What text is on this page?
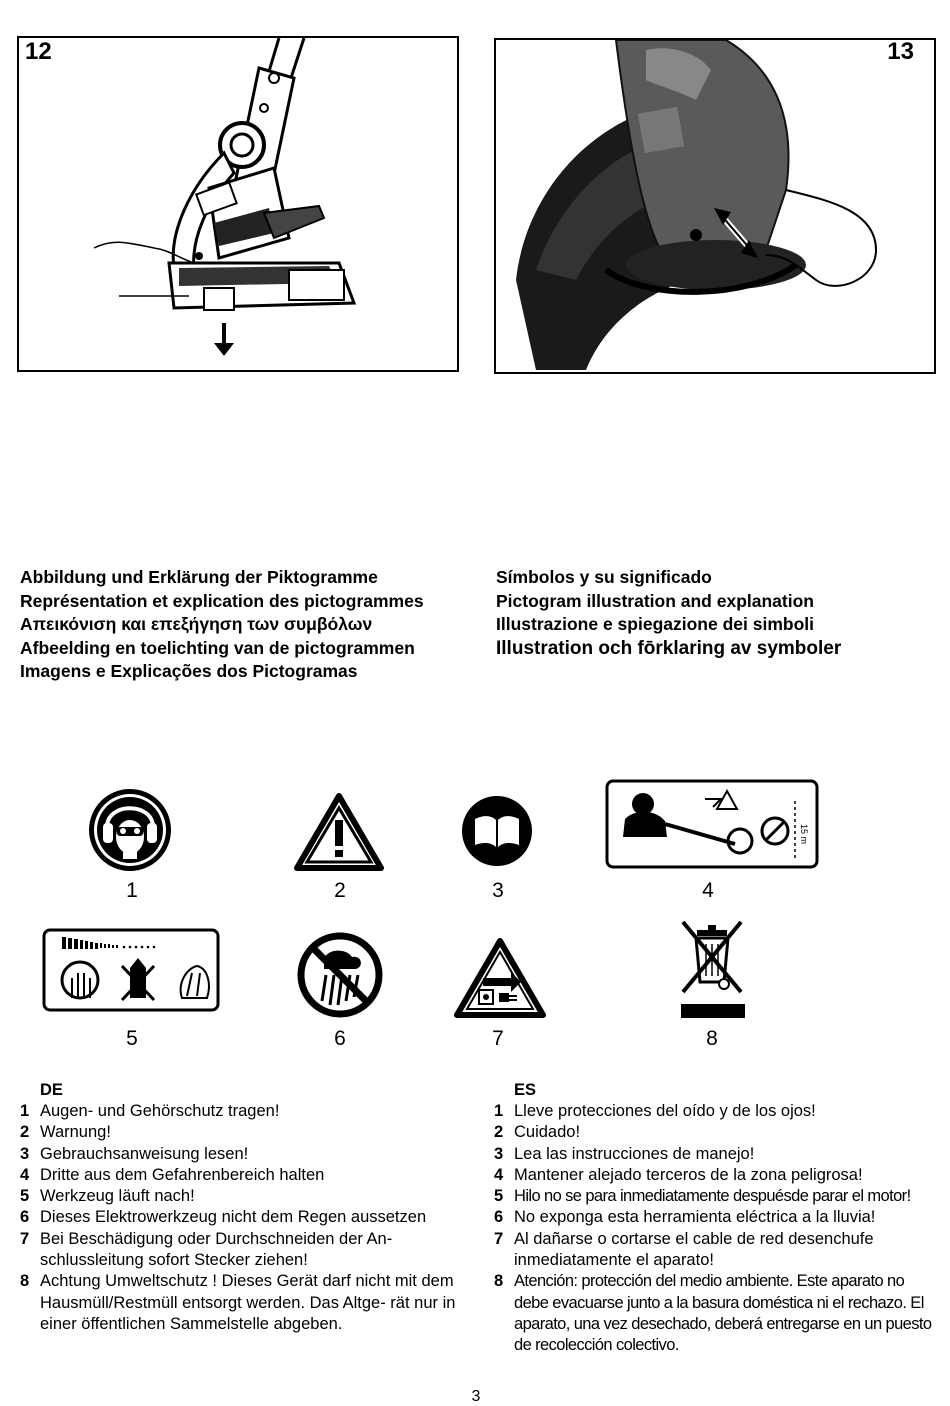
12	13
Abbildung und Erklärung der Piktogramme
Représentation et explication des pictogrammes
Απεικόνιση και επεξήγηση των συμβόλων
Afbeelding en toelichting van de pictogrammen
Imagens e Explicações dos Pictogramas
Símbolos y su significado
Pictogram illustration and explanation
Illustrazione e spiegazione dei simboli
Illustration och fōrklaring av symboler
1	2	3
15 m
4
5	6	7	8
DE
1 Augen- und Gehörschutz tragen!
2 Warnung!
3 Gebrauchsanweisung lesen!
4 Dritte aus dem Gefahrenbereich halten
5 Werkzeug läuft nach!
6 Dieses Elektrowerkzeug nicht dem Regen aussetzen
7 Bei Beschädigung oder Durchschneiden der An- schlussleitung sofort Stecker ziehen!
8 Achtung Umweltschutz ! Dieses Gerät darf nicht mit dem Hausmüll/Restmüll entsorgt werden. Das Altge- rät nur in einer öffentlichen Sammelstelle abgeben.
ES
1 Lleve protecciones del oído y de los ojos!
2 Cuidado!
3 Lea las instrucciones de manejo!
4 Mantener alejado terceros de la zona peligrosa!
5 Hilo no se para inmediatamente despuésde parar el motor!
6 No exponga esta herramienta eléctrica a la lluvia!
7 Al dañarse o cortarse el cable de red desenchufe inmediatamente el aparato!
8 Atención: protección del medio ambiente. Este aparato no debe evacuarse junto a la basura doméstica ni el rechazo. El aparato, una vez desechado, deberá entregarse en un puesto de recolección colectivo.
3
